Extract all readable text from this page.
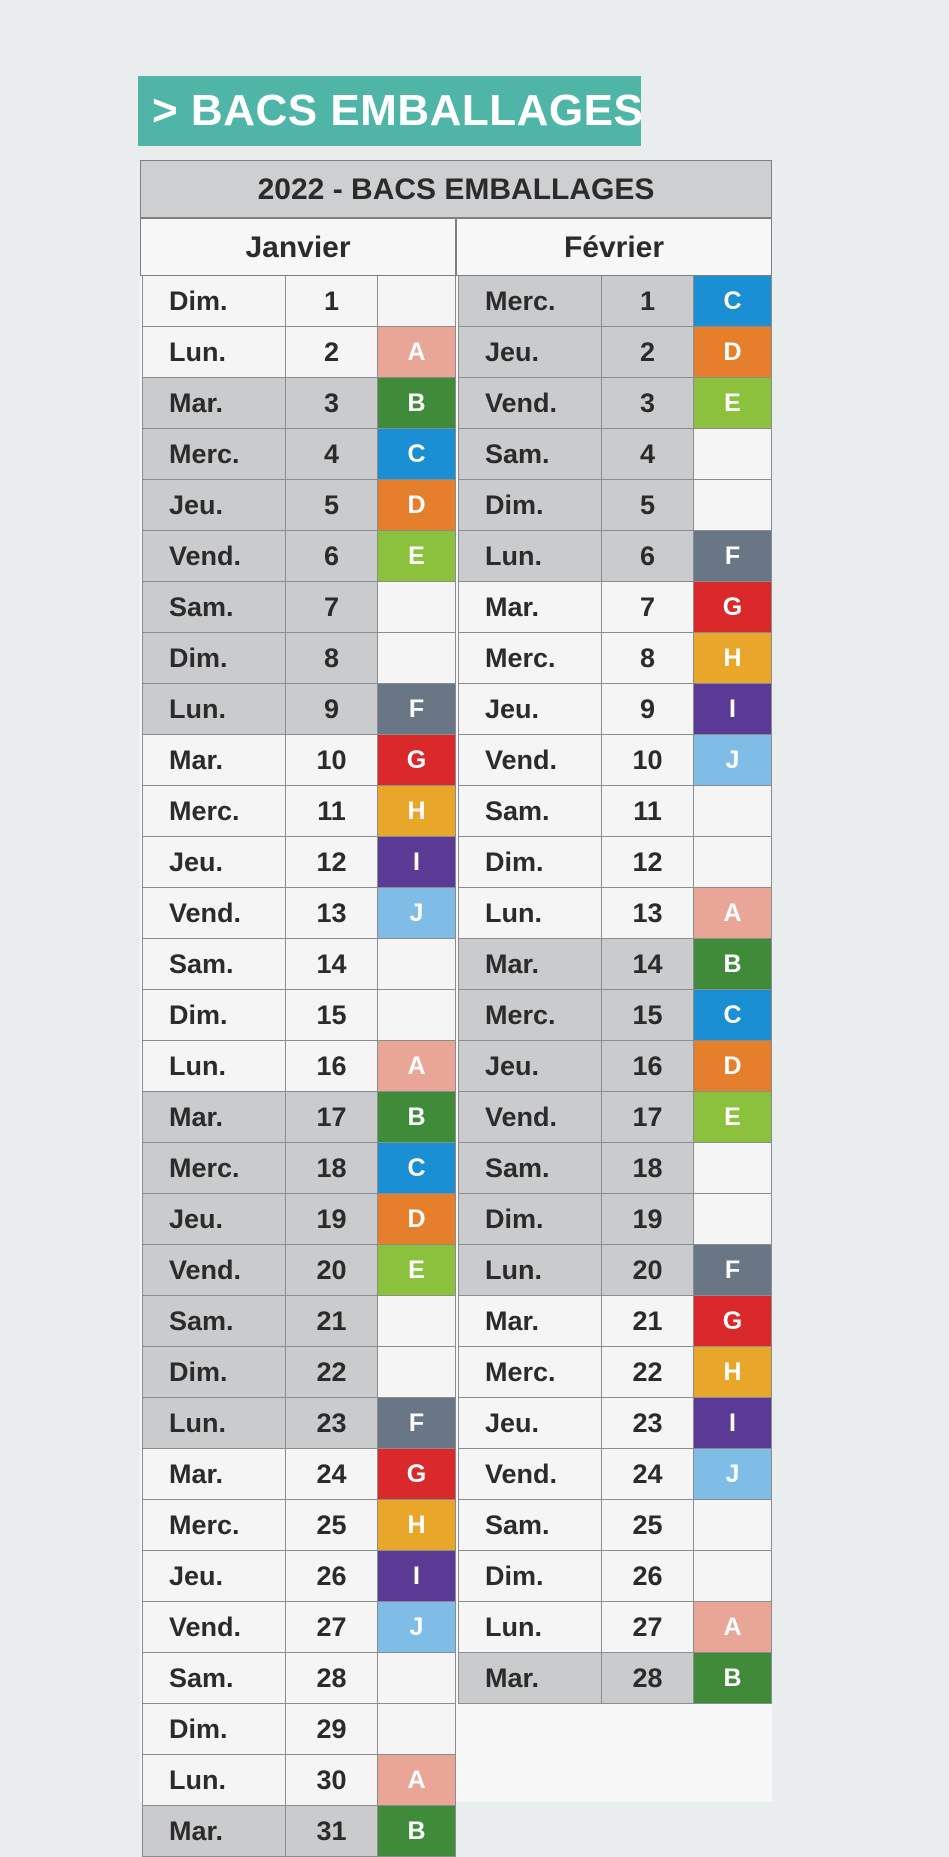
> BACS EMBALLAGES
2022 - BACS EMBALLAGES
Janvier	Février
Dim.	1
Lun.	2	A
Mar.	3	B
Merc.	4	C
Jeu.	5	D
Vend.	6	E
Sam.	7
Dim.	8
Lun.	9	F
Mar.	10	G
Merc.	11	H
Jeu.	12	I
Vend.	13	J
Sam.	14
Dim.	15
Lun.	16	A
Mar.	17	B
Merc.	18	C
Jeu.	19	D
Vend.	20	E
Sam.	21
Dim.	22
Lun.	23	F
Mar.	24	G
Merc.	25	H
Jeu.	26	I
Vend.	27	J
Sam.	28
Dim.	29
Lun.	30	A
Mar.	31	B
Merc.	1	C
Jeu.	2	D
Vend.	3	E
Sam.	4
Dim.	5
Lun.	6	F
Mar.	7	G
Merc.	8	H
Jeu.	9	I
Vend.	10	J
Sam.	11
Dim.	12
Lun.	13	A
Mar.	14	B
Merc.	15	C
Jeu.	16	D
Vend.	17	E
Sam.	18
Dim.	19
Lun.	20	F
Mar.	21	G
Merc.	22	H
Jeu.	23	I
Vend.	24	J
Sam.	25
Dim.	26
Lun.	27	A
Mar.	28	B
